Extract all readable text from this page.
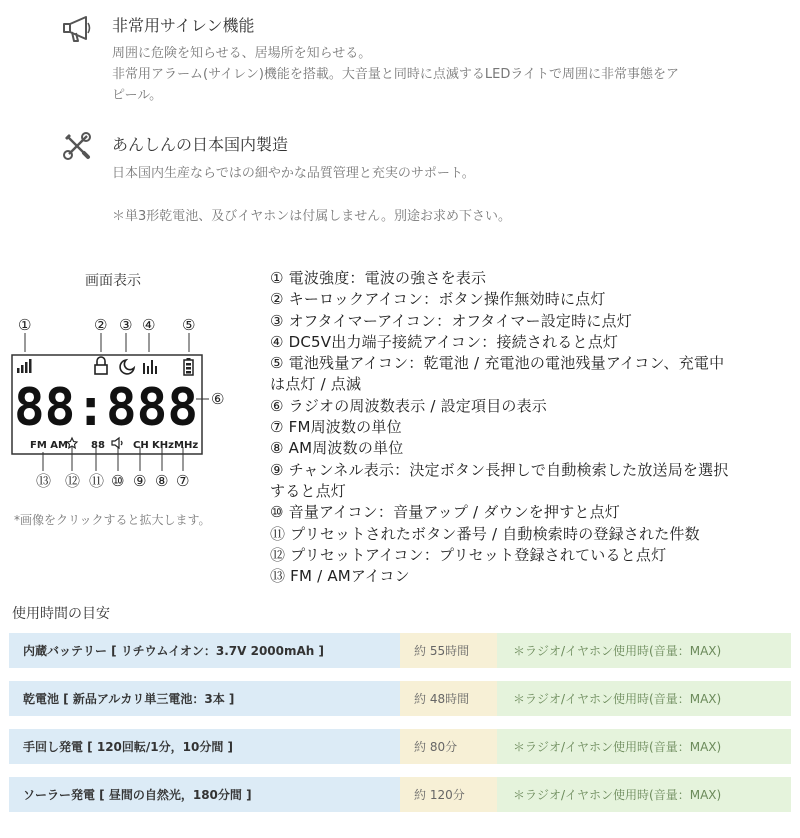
非常用サイレン機能
周囲に危険を知らせる、居場所を知らせる。
非常用アラーム(サイレン)機能を搭載。大音量と同時に点滅するLEDライトで周囲に非常事態をア
ピール。
あんしんの日本国内製造
日本国内生産ならではの細やかな品質管理と充実のサポート。
＊単3形乾電池、及びイヤホンは付属しません。別途お求め下さい。
画面表示
①	② ③ ④ ⑤
⑥
⑬ ⑫ ⑪ ⑩ ⑨ ⑧ ⑦
88:888
FM AM 88	CH KHz MHz
*画像をクリックすると拡大します。
① 電波強度：電波の強さを表示
② キーロックアイコン：ボタン操作無効時に点灯
③ オフタイマーアイコン：オフタイマー設定時に点灯
④ DC5V出力端子接続アイコン：接続されると点灯
⑤ 電池残量アイコン：乾電池 / 充電池の電池残量アイコン、充電中
は点灯 / 点滅
⑥ ラジオの周波数表示 / 設定項目の表示
⑦ FM周波数の単位
⑧ AM周波数の単位
⑨ チャンネル表示：決定ボタン長押しで自動検索した放送局を選択
すると点灯
⑩ 音量アイコン：音量アップ / ダウンを押すと点灯
⑪ プリセットされたボタン番号 / 自動検索時の登録された件数
⑫ プリセットアイコン：プリセット登録されていると点灯
⑬ FM / AMアイコン
使用時間の目安
内蔵バッテリー [ リチウムイオン：3.7V 2000mAh ]	約 55時間	＊ラジオ/イヤホン使用時(音量：MAX)
乾電池 [ 新品アルカリ単三電池：3本 ]	約 48時間	＊ラジオ/イヤホン使用時(音量：MAX)
手回し発電 [ 120回転/1分，10分間 ]	約 80分	＊ラジオ/イヤホン使用時(音量：MAX)
ソーラー発電 [ 昼間の自然光，180分間 ]	約 120分	＊ラジオ/イヤホン使用時(音量：MAX)
